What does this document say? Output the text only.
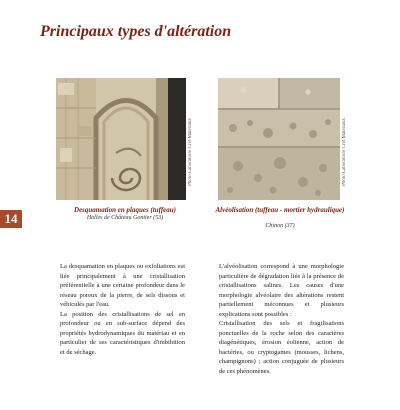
Principaux types d'altération
14
Photo Laboratoire Cret Matériaux	Photo Laboratoire Cret Matériaux
Desquamation en plaques (tuffeau)
Halles de Château Gontier (53)
Alvéolisation (tuffeau - mortier hydraulique)
Chinon (37)

La desquamation en plaques ou exfoliations est liée principalement à une cristallisation préférentielle à une certaine profondeur dans le réseau poreux de la pierre, de sels dissous et véhiculés par l'eau.

La position des cristallisations de sel en profondeur ou en sub-surface dépend des propriétés hydrodynamiques du matériau et en particulier de ses caractéristiques d'imbibition et de séchage.

L'alvéolisation correspond à une morphologie particulière de dégradation liée à la présence de cristallisations salines. Les causes d'une morphologie alvéolaire des altérations restent partiellement méconnues et plusieurs explications sont possibles :

Cristallisation des sels et fragilisations ponctuelles de la roche selon des caractères diagénétiques, érosion éolienne, action de bactéries, ou cryptogames (mousses, lichens, champignons) ; action conjuguée de plusieurs de ces phénomènes.
